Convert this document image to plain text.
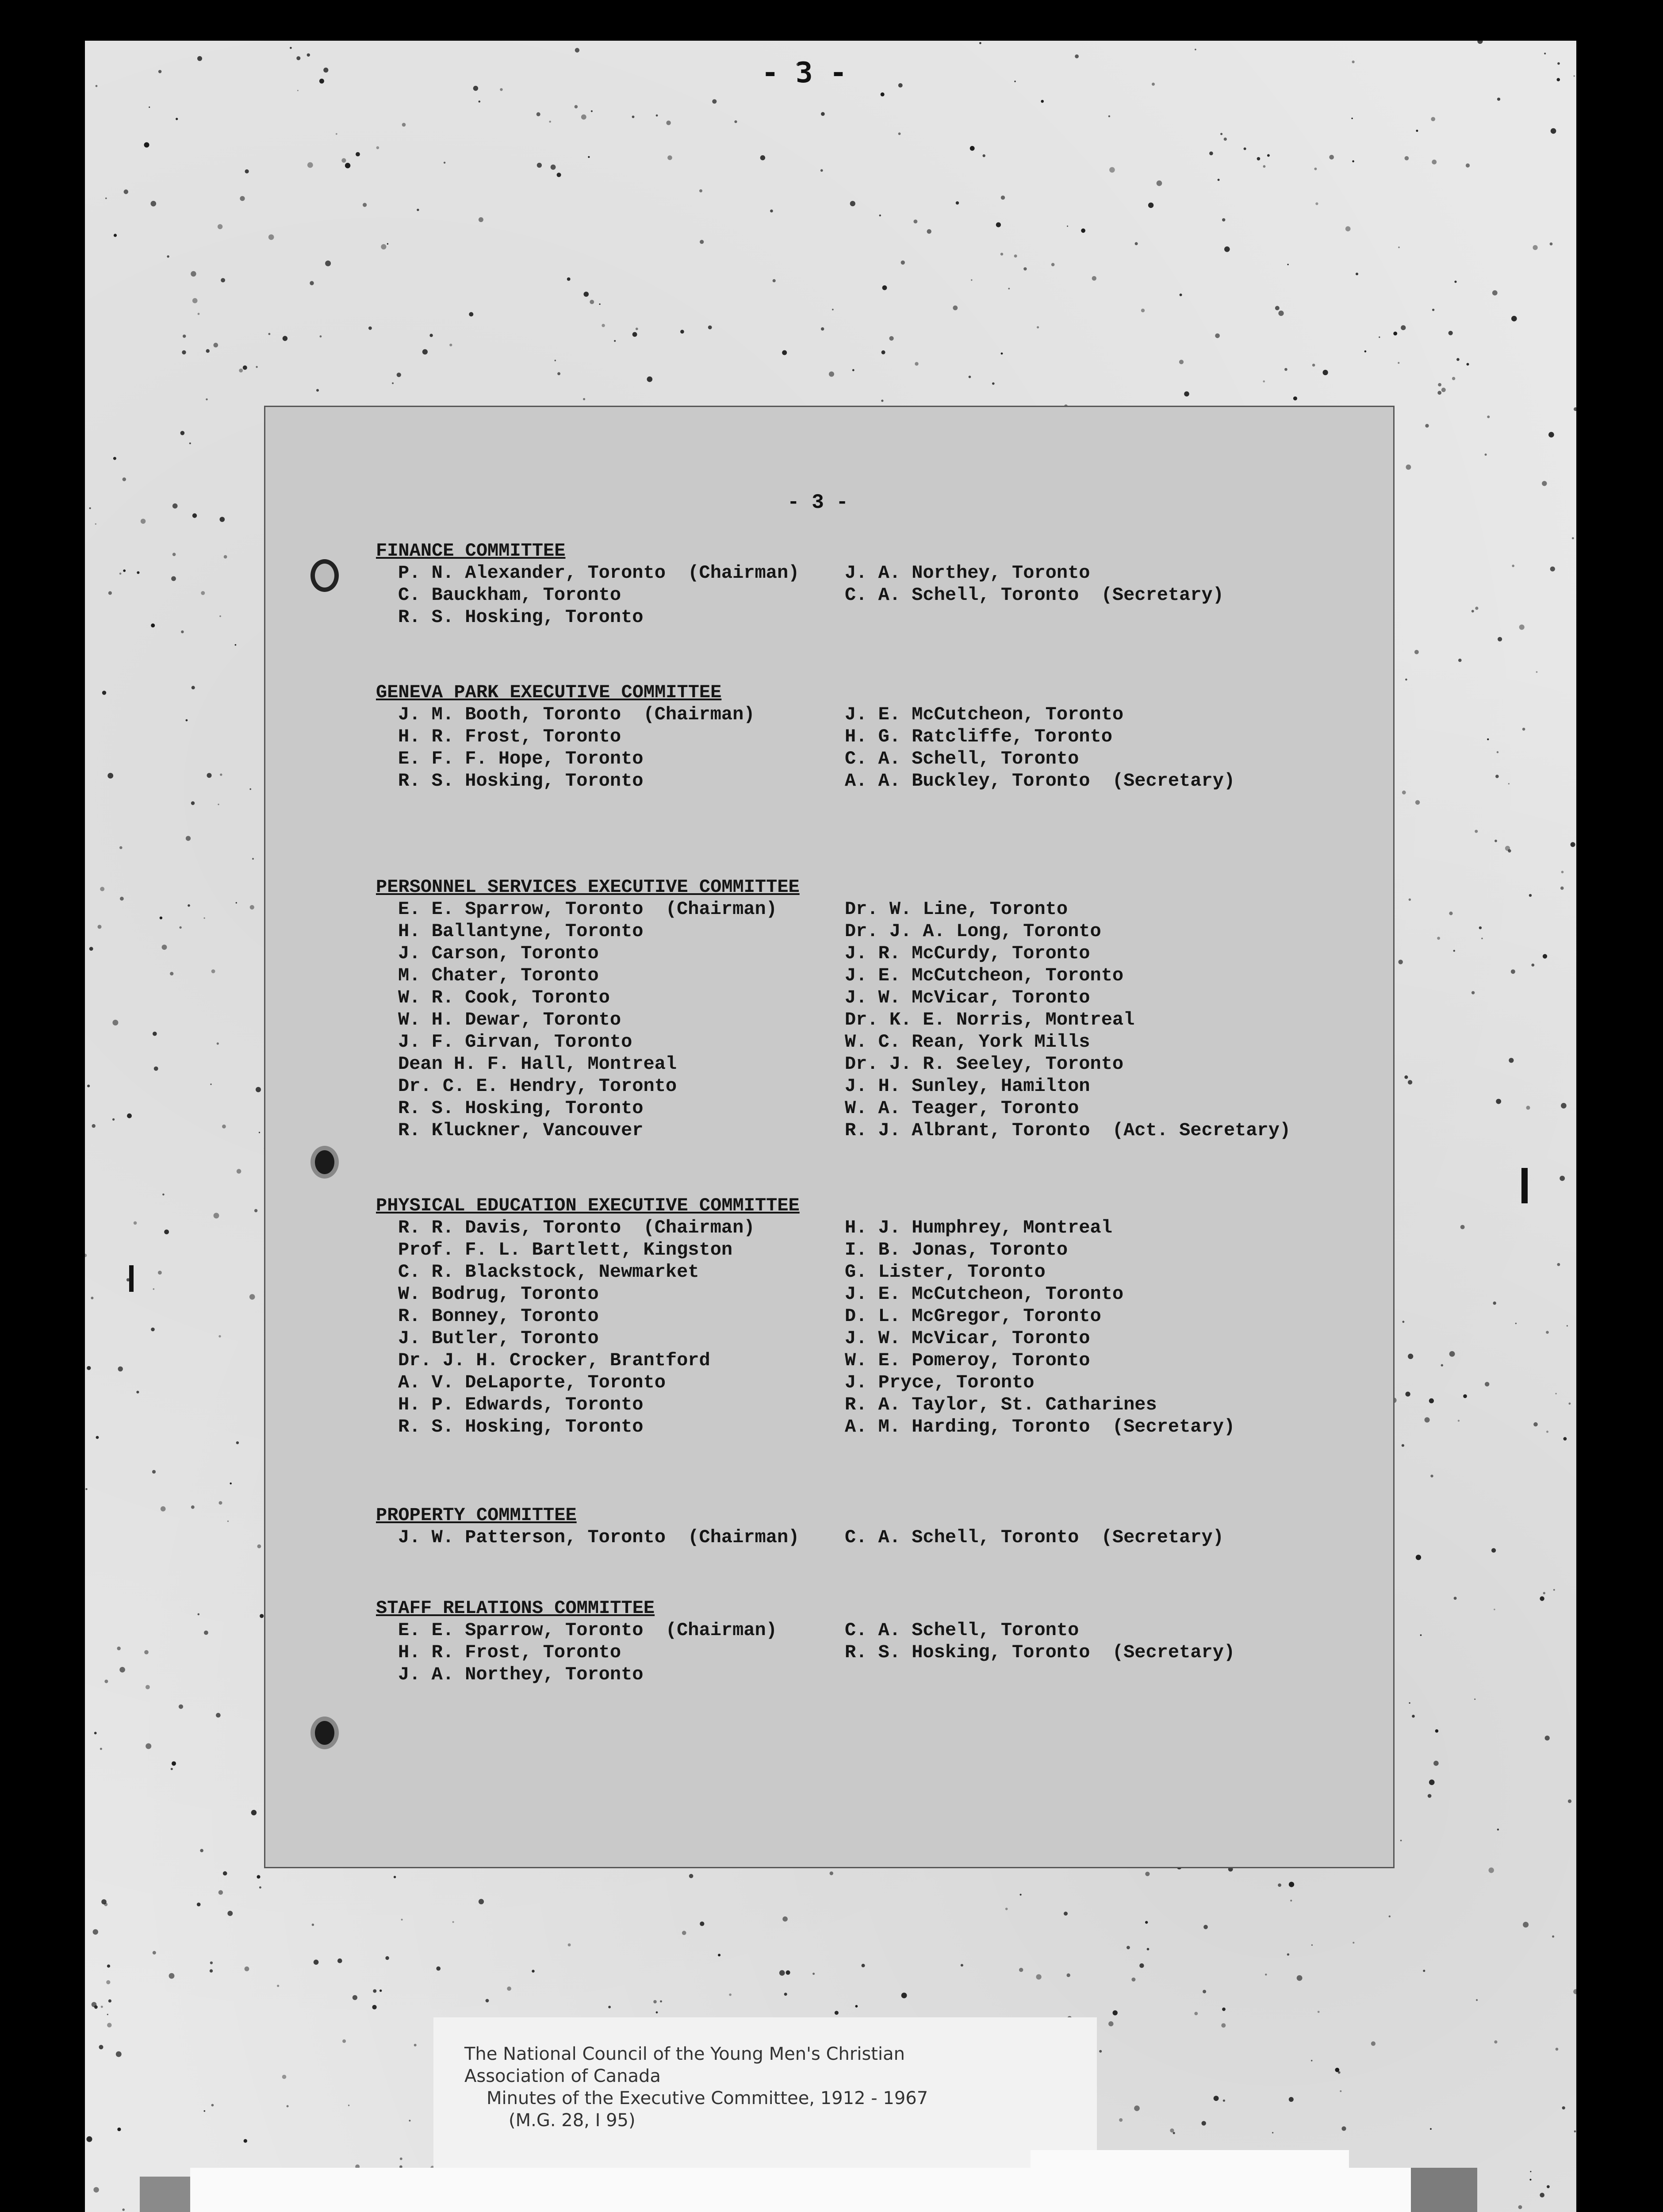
- 3 -
- 3 -
FINANCE COMMITTEE
P. N. Alexander, Toronto  (Chairman)
C. Bauckham, Toronto
R. S. Hosking, Toronto
J. A. Northey, Toronto
C. A. Schell, Toronto  (Secretary)
GENEVA PARK EXECUTIVE COMMITTEE
J. M. Booth, Toronto  (Chairman)
H. R. Frost, Toronto
E. F. F. Hope, Toronto
R. S. Hosking, Toronto
J. E. McCutcheon, Toronto
H. G. Ratcliffe, Toronto
C. A. Schell, Toronto
A. A. Buckley, Toronto  (Secretary)
PERSONNEL SERVICES EXECUTIVE COMMITTEE
E. E. Sparrow, Toronto  (Chairman)
H. Ballantyne, Toronto
J. Carson, Toronto
M. Chater, Toronto
W. R. Cook, Toronto
W. H. Dewar, Toronto
J. F. Girvan, Toronto
Dean H. F. Hall, Montreal
Dr. C. E. Hendry, Toronto
R. S. Hosking, Toronto
R. Kluckner, Vancouver
Dr. W. Line, Toronto
Dr. J. A. Long, Toronto
J. R. McCurdy, Toronto
J. E. McCutcheon, Toronto
J. W. McVicar, Toronto
Dr. K. E. Norris, Montreal
W. C. Rean, York Mills
Dr. J. R. Seeley, Toronto
J. H. Sunley, Hamilton
W. A. Teager, Toronto
R. J. Albrant, Toronto  (Act. Secretary)
PHYSICAL EDUCATION EXECUTIVE COMMITTEE
R. R. Davis, Toronto  (Chairman)
Prof. F. L. Bartlett, Kingston
C. R. Blackstock, Newmarket
W. Bodrug, Toronto
R. Bonney, Toronto
J. Butler, Toronto
Dr. J. H. Crocker, Brantford
A. V. DeLaporte, Toronto
H. P. Edwards, Toronto
R. S. Hosking, Toronto
H. J. Humphrey, Montreal
I. B. Jonas, Toronto
G. Lister, Toronto
J. E. McCutcheon, Toronto
D. L. McGregor, Toronto
J. W. McVicar, Toronto
W. E. Pomeroy, Toronto
J. Pryce, Toronto
R. A. Taylor, St. Catharines
A. M. Harding, Toronto  (Secretary)
PROPERTY COMMITTEE
J. W. Patterson, Toronto  (Chairman) C. A. Schell, Toronto  (Secretary)
STAFF RELATIONS COMMITTEE
E. E. Sparrow, Toronto  (Chairman)
H. R. Frost, Toronto
J. A. Northey, Toronto
C. A. Schell, Toronto
R. S. Hosking, Toronto  (Secretary)
The National Council of the Young Men's Christian
Association of Canada
Minutes of the Executive Committee, 1912 - 1967
(M.G. 28, I 95)
